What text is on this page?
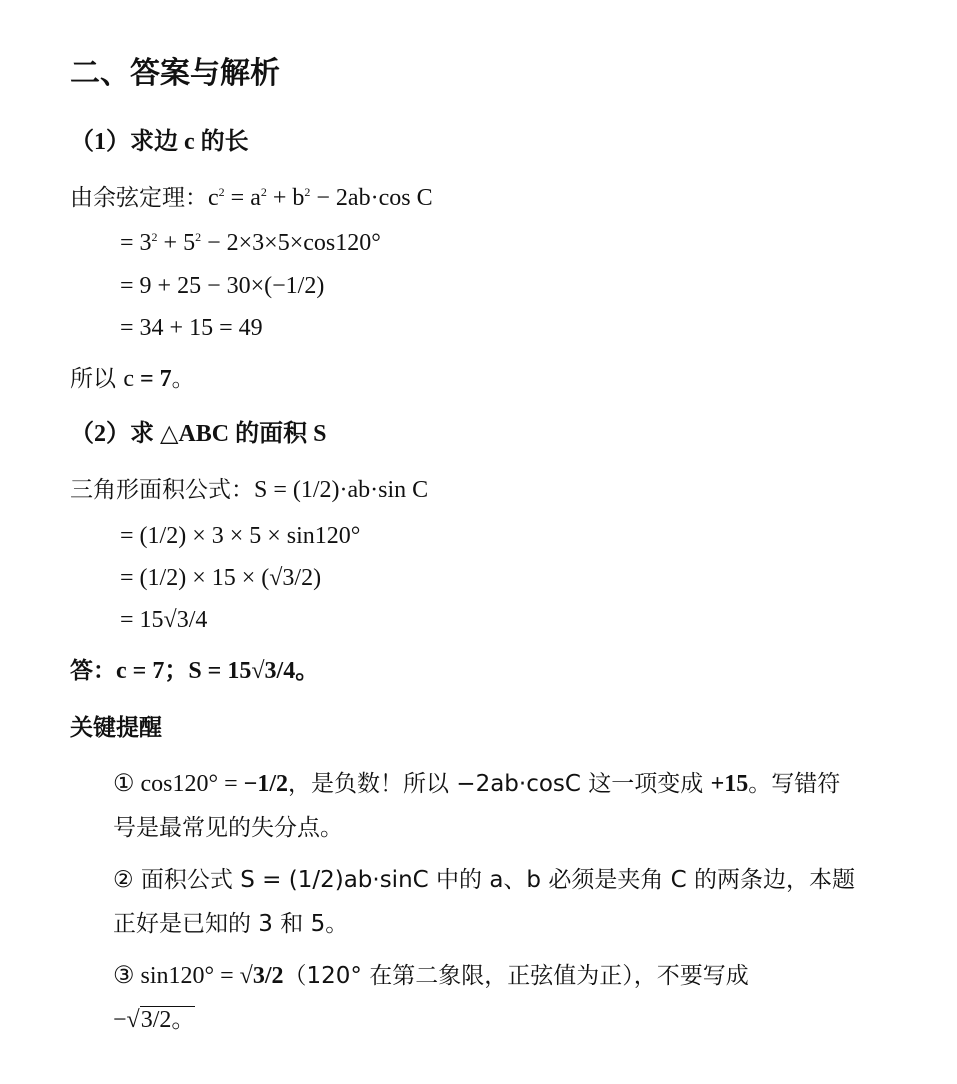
二、答案与解析
（1）求边 c 的长
由余弦定理：$c^2 = a^2 + b^2 - 2ab\cdot\cos$ C
= $3^2 + 5^2 - 2\times 3\times 5\times\cos 120^\circ$
= 9 + 25 − 30×(−1/2)
= 34 + 15 = 49
所以 c = 7。
（2）求 △ABC 的面积 S
三角形面积公式：S = (1/2)·ab·sin C
= (1/2) × 3 × 5 × sin120°
= (1/2) × 15 × (√3/2)
= 15√3/4
答：c = 7；S = 15√3/4。
关键提醒
① cos120° = −1/2，是负数！所以 −2ab·cosC 这一项变成 +15。写错符
号是最常见的失分点。
② 面积公式 S = (1/2)ab·sinC 中的 a、b 必须是夹角 C 的两条边，本题
正好是已知的 3 和 5。
③ sin120° = √3/2（120° 在第二象限，正弦值为正），不要写成
−√3/2。
